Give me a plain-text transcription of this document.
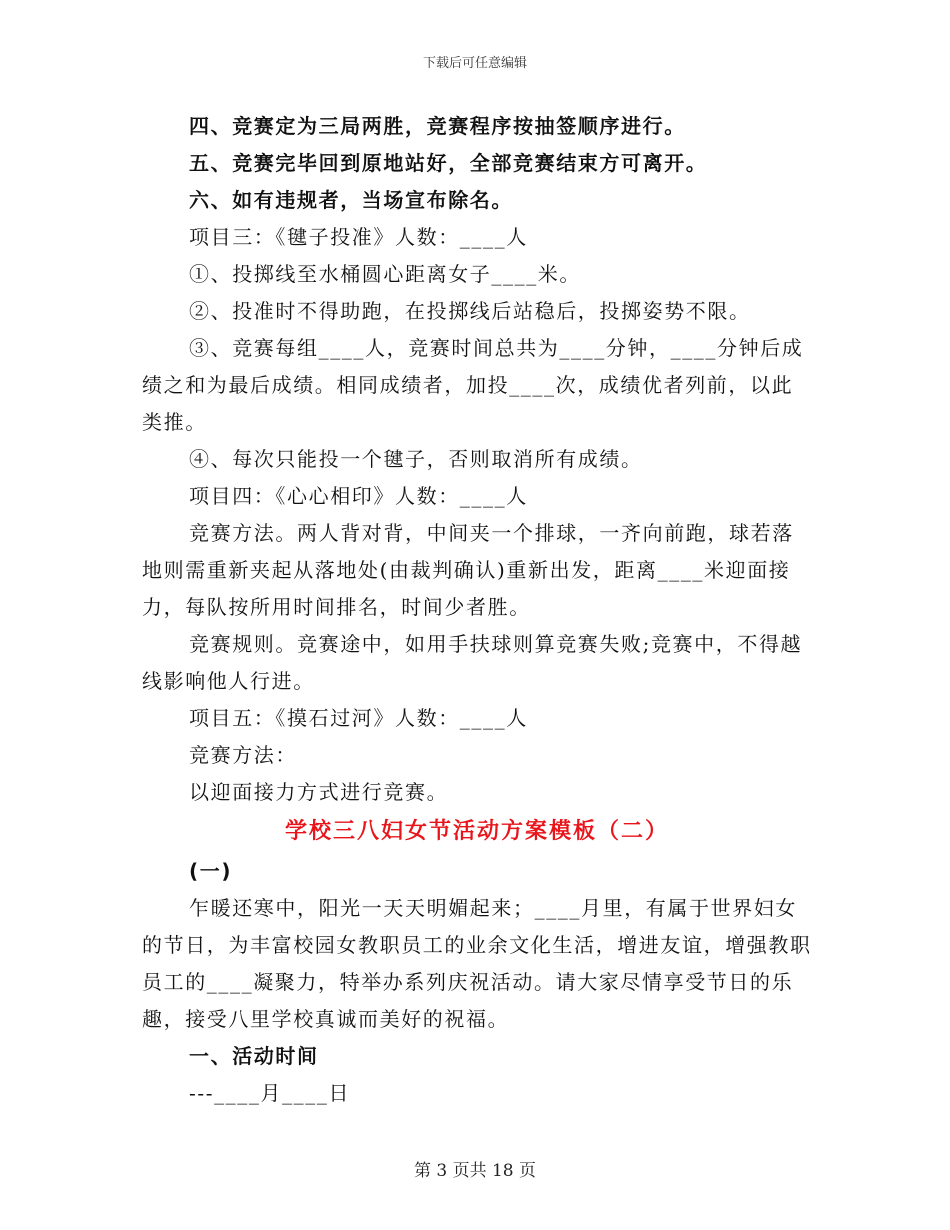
下载后可任意编辑

四、竞赛定为三局两胜，竞赛程序按抽签顺序进行。

五、竞赛完毕回到原地站好，全部竞赛结束方可离开。

六、如有违规者，当场宣布除名。

项目三：《毽子投准》人数：____人

①、投掷线至水桶圆心距离女子____米。

②、投准时不得助跑，在投掷线后站稳后，投掷姿势不限。

③、竞赛每组____人，竞赛时间总共为____分钟，____分钟后成绩之和为最后成绩。相同成绩者，加投____次，成绩优者列前，以此类推。

④、每次只能投一个毽子，否则取消所有成绩。

项目四：《心心相印》人数：____人

竞赛方法。两人背对背，中间夹一个排球，一齐向前跑，球若落地则需重新夹起从落地处(由裁判确认)重新出发，距离____米迎面接力，每队按所用时间排名，时间少者胜。

竞赛规则。竞赛途中，如用手扶球则算竞赛失败;竞赛中，不得越线影响他人行进。

项目五：《摸石过河》人数：____人

竞赛方法：

以迎面接力方式进行竞赛。

学校三八妇女节活动方案模板（二）

(一)

乍暖还寒中，阳光一天天明媚起来；____月里，有属于世界妇女的节日，为丰富校园女教职员工的业余文化生活，增进友谊，增强教职员工的____凝聚力，特举办系列庆祝活动。请大家尽情享受节日的乐趣，接受八里学校真诚而美好的祝福。

一、活动时间

---____月____日

第 3 页共 18 页
